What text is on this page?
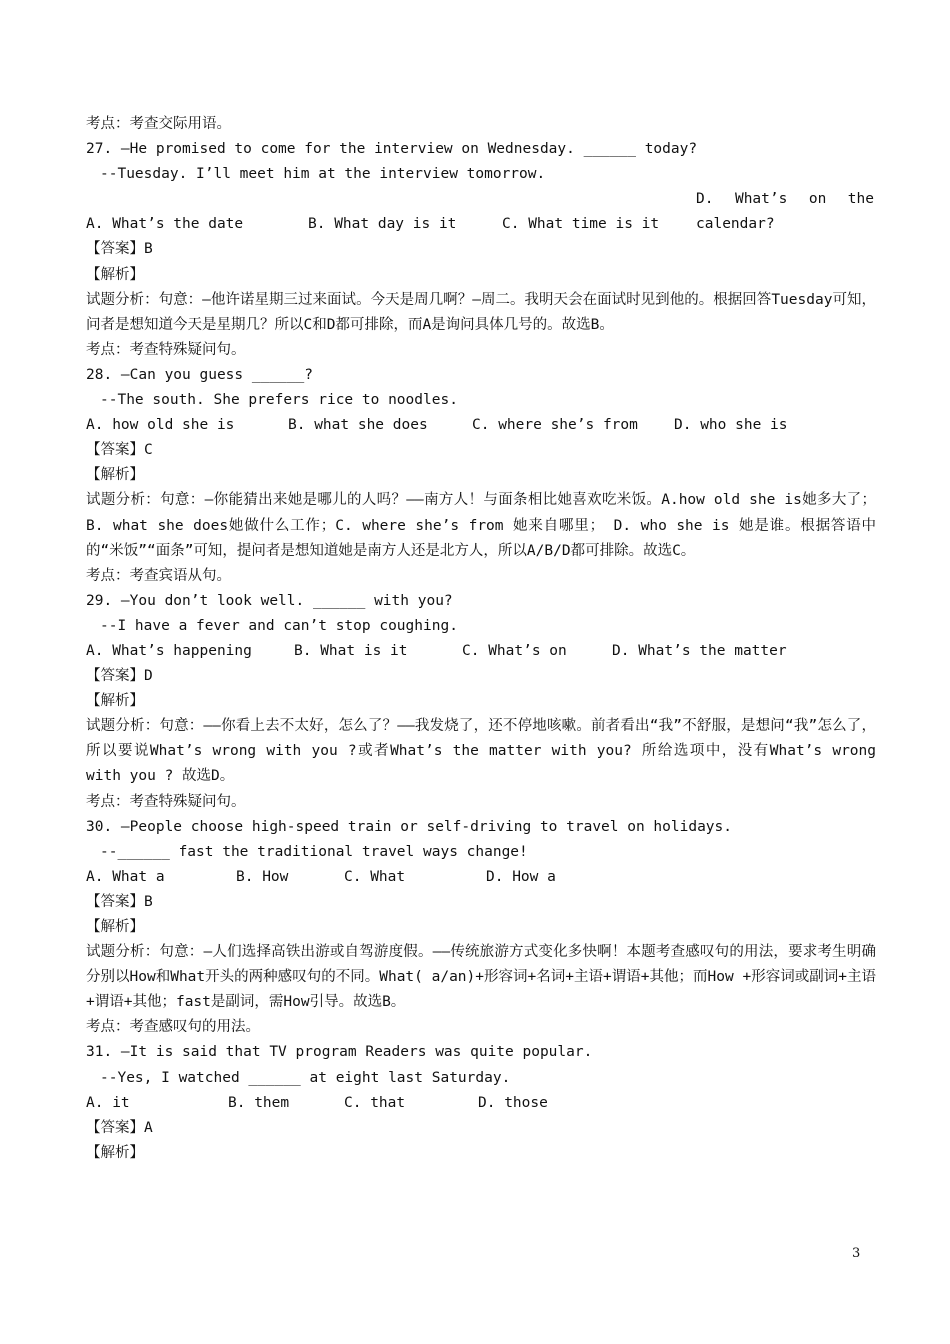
考点：考查交际用语。
27. –He promised to come for the interview on Wednesday. ______ today?
--Tuesday. I’ll meet him at the interview tomorrow.
A. What’s the date	B. What day is it	C. What time is itD. What’s on the calendar?
【答案】B
【解析】
试题分析：句意：—他许诺星期三过来面试。今天是周几啊？—周二。我明天会在面试时见到他的。根据回答Tuesday可知，问者是想知道今天是星期几？所以C和D都可排除，而A是询问具体几号的。故选B。
考点：考查特殊疑问句。
28. –Can you guess ______?
--The south. She prefers rice to noodles.
A. how old she is	B. what she does	C. where she’s from	D. who she is
【答案】C
【解析】
试题分析：句意：—你能猜出来她是哪儿的人吗？——南方人！与面条相比她喜欢吃米饭。A.how old she is她多大了； B. what she does她做什么工作；C. where she’s from 她来自哪里； D. who she is 她是谁。根据答语中的“米饭”“面条”可知，提问者是想知道她是南方人还是北方人，所以A/B/D都可排除。故选C。
考点：考查宾语从句。
29. –You don’t look well. ______ with you?
--I have a fever and can’t stop coughing.
A. What’s happening	B. What is it	C. What’s on	D. What’s the matter
【答案】D
【解析】
试题分析：句意：——你看上去不太好，怎么了？——我发烧了，还不停地咳嗽。前者看出“我”不舒服，是想问“我”怎么了，所以要说What’s wrong with you ?或者What’s the matter with you? 所给选项中，没有What’s wrong with you ? 故选D。
考点：考查特殊疑问句。
30. –People choose high-speed train or self-driving to travel on holidays.
--______ fast the traditional travel ways change!
A. What a	B. How	C. What	D. How a
【答案】B
【解析】
试题分析：句意：—人们选择高铁出游或自驾游度假。——传统旅游方式变化多快啊！本题考查感叹句的用法，要求考生明确分别以How和What开头的两种感叹句的不同。What( a/an)+形容词+名词+主语+谓语+其他；而How +形容词或副词+主语+谓语+其他；fast是副词，需How引导。故选B。
考点：考查感叹句的用法。
31. –It is said that TV program Readers was quite popular.
--Yes, I watched ______ at eight last Saturday.
A. it	B. them	C. that	D. those
【答案】A
【解析】
3
